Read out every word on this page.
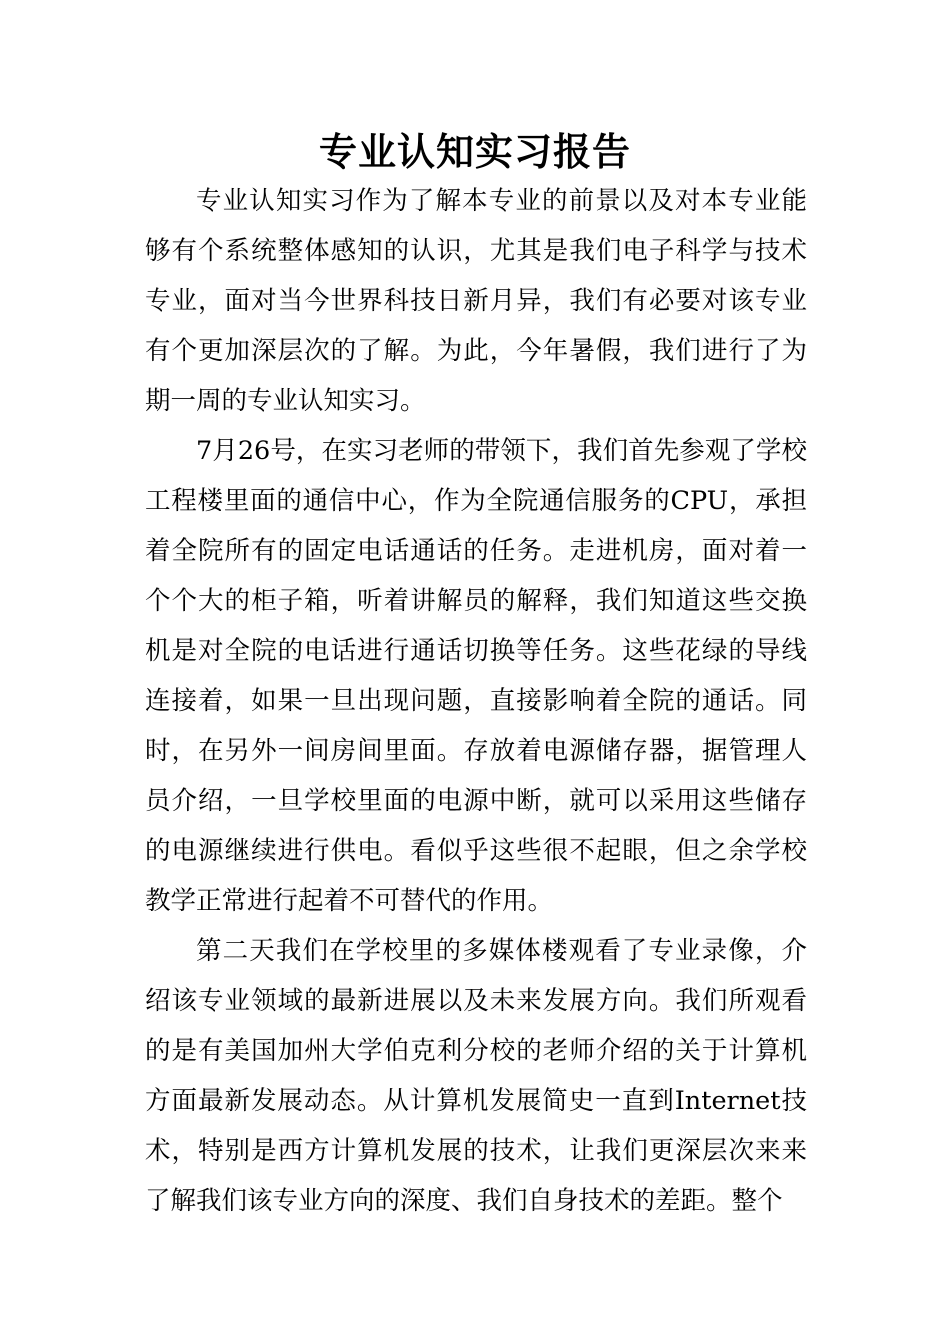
专业认知实习报告

专业认知实习作为了解本专业的前景以及对本专业能够有个系统整体感知的认识，尤其是我们电子科学与技术专业，面对当今世界科技日新月异，我们有必要对该专业有个更加深层次的了解。为此，今年暑假，我们进行了为期一周的专业认知实习。

7月26号，在实习老师的带领下，我们首先参观了学校工程楼里面的通信中心，作为全院通信服务的CPU，承担着全院所有的固定电话通话的任务。走进机房，面对着一个个大的柜子箱，听着讲解员的解释，我们知道这些交换机是对全院的电话进行通话切换等任务。这些花绿的导线连接着，如果一旦出现问题，直接影响着全院的通话。同时，在另外一间房间里面。存放着电源储存器，据管理人员介绍，一旦学校里面的电源中断，就可以采用这些储存的电源继续进行供电。看似乎这些很不起眼，但之余学校教学正常进行起着不可替代的作用。

第二天我们在学校里的多媒体楼观看了专业录像，介绍该专业领域的最新进展以及未来发展方向。我们所观看的是有美国加州大学伯克利分校的老师介绍的关于计算机方面最新发展动态。从计算机发展简史一直到Internet技术，特别是西方计算机发展的技术，让我们更深层次来来了解我们该专业方向的深度、我们自身技术的差距。整个
